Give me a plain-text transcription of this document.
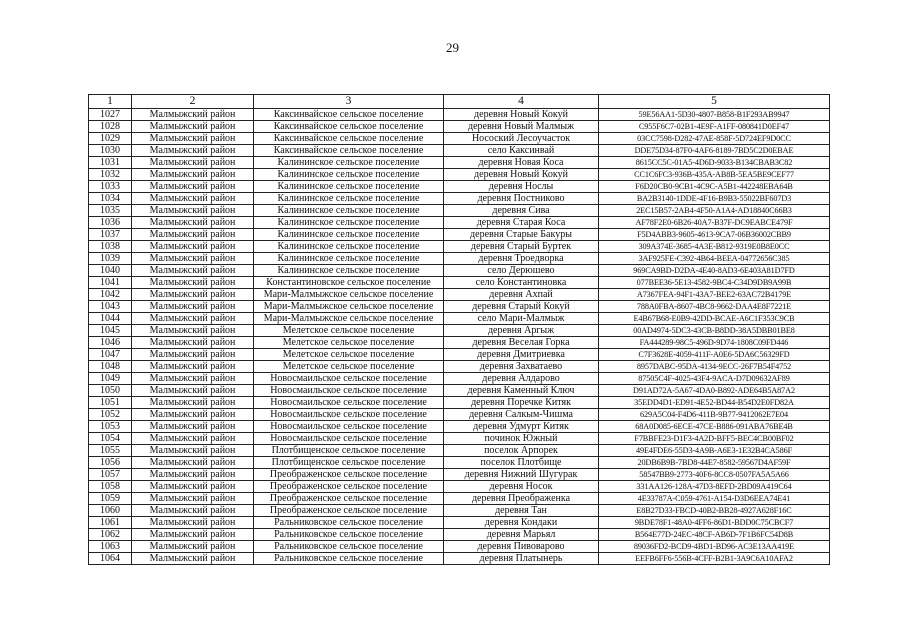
29
1	2	3	4	5
1027	Малмыжский район	Каксинвайское сельское поселение	деревня Новый Кокуй	59E56AA1-5D30-4807-B858-B1F293AB9947
1028	Малмыжский район	Каксинвайское сельское поселение	деревня Новый Малмыж	C955F6C7-02B1-4E9F-A1FF-080841D0EF47
1029	Малмыжский район	Каксинвайское сельское поселение	Носоский Лесоучасток	03CC7598-D282-47AE-858F-5D724EF9D0CC
1030	Малмыжский район	Каксинвайское сельское поселение	село Каксинвай	DDE75D34-87F0-4AF6-8189-7BD5C2D0EBAE
1031	Малмыжский район	Калининское сельское поселение	деревня Новая Коса	8615CC5C-01A5-4D6D-9033-B134CBAB3C82
1032	Малмыжский район	Калининское сельское поселение	деревня Новый Кокуй	CC1C6FC3-936B-435A-AB8B-5EA5BE9CEF77
1033	Малмыжский район	Калининское сельское поселение	деревня Ноcлы	F6D20CB0-9CB1-4C9C-A5B1-442248EBA64B
1034	Малмыжский район	Калининское сельское поселение	деревня Постниково	BA2B3140-1DDE-4F16-B9B3-55022BF607D3
1035	Малмыжский район	Калининское сельское поселение	деревня Сива	2EC15B57-2AB4-4F50-A1A4-AD18840C66B3
1036	Малмыжский район	Калининское сельское поселение	деревня Старая Коса	AF78F2E0-6B26-40A7-B37F-DC9EABCE479F
1037	Малмыжский район	Калининское сельское поселение	деревня Старые Бакуры	F5D4ABB3-9605-4613-9CA7-06B36002CBB9
1038	Малмыжский район	Калининское сельское поселение	деревня Старый Буртек	309A374E-3685-4A3E-B812-9319E0B8E0CC
1039	Малмыжский район	Калининское сельское поселение	деревня Троедворка	3AF925FE-C392-4B64-BEEA-04772656C385
1040	Малмыжский район	Калининское сельское поселение	село Дерюшево	969CA9BD-D2DA-4E40-8AD3-6E403A81D7FD
1041	Малмыжский район	Константиновское сельское поселение	село Константиновка	077BEE36-5E13-4582-9BC4-C34D9DB9A99B
1042	Малмыжский район	Мари-Малмыжское сельское поселение	деревня Ахпай	A7367FEA-94F1-43A7-BEE2-63AC72B4179E
1043	Малмыжский район	Мари-Малмыжское сельское поселение	деревня Старый Кокуй	788A0FBA-8607-4BC8-9662-DAA4E8F7221E
1044	Малмыжский район	Мари-Малмыжское сельское поселение	село Мари-Малмыж	E4B67B68-E0B9-42DD-BCAE-A6C1F353C9CB
1045	Малмыжский район	Мелетское сельское поселение	деревня Аргыж	00AD4974-5DC3-43CB-B8DD-38A5DBB01BE8
1046	Малмыжский район	Мелетское сельское поселение	деревня Веселая Горка	FA444289-98C5-496D-9D74-1808C09FD446
1047	Малмыжский район	Мелетское сельское поселение	деревня Дмитриевка	C7F3628E-4059-411F-A0E6-5DA6C56329FD
1048	Малмыжский район	Мелетское сельское поселение	деревня Захватаево	8957DABC-95DA-4134-9ECC-26F7B54F4752
1049	Малмыжский район	Новосмаильское сельское поселение	деревня Алдарово	87505C4F-4025-43F4-9ACA-D7D09632AF89
1050	Малмыжский район	Новосмаильское сельское поселение	деревня Каменный Ключ	D91AD72A-5A67-4DA0-B892-ADE64B5A87A2
1051	Малмыжский район	Новосмаильское сельское поселение	деревня Поречке Китяк	35EDD4D1-ED91-4E52-BD44-B54D2E0FD82A
1052	Малмыжский район	Новосмаильское сельское поселение	деревня Салкым-Чишма	629A5C04-F4D6-411B-9B77-9412062E7E04
1053	Малмыжский район	Новосмаильское сельское поселение	деревня Удмурт Китяк	68A0D085-6ECE-47CE-B886-091ABA76BE4B
1054	Малмыжский район	Новосмаильское сельское поселение	починок Южный	F7BBFE23-D1F3-4A2D-BFF5-BEC4CB00BF02
1055	Малмыжский район	Плотбищенское сельское поселение	поселок Арпорек	49E4FDE6-55D3-4A9B-A6E3-1E32B4CA586F
1056	Малмыжский район	Плотбищенское сельское поселение	поселок Плотбище	20DB6B9B-7BD8-44E7-8582-59567D4AF59F
1057	Малмыжский район	Преображенское сельское поселение	деревня Нижний Шугурак	58547BB9-2773-40F6-8CC8-0507FA5A5A66
1058	Малмыжский район	Преображенское сельское поселение	деревня Носок	331AA126-128A-47D3-8EFD-2BD09A419C64
1059	Малмыжский район	Преображенское сельское поселение	деревня Преображенка	4E33787A-C059-4761-A154-D3D6EEA74E41
1060	Малмыжский район	Преображенское сельское поселение	деревня Тан	E8B27D33-FBCD-40B2-BB28-4927A628F16C
1061	Малмыжский район	Ральниковское сельское поселение	деревня Кондаки	9BDE78F1-48A0-4FF6-86D1-BDD0C75CBCF7
1062	Малмыжский район	Ральниковское сельское поселение	деревня Марьял	B564E77D-24EC-48CF-AB6D-7F1B6FC54D8B
1063	Малмыжский район	Ральниковское сельское поселение	деревня Пивоварово	89036FD2-BCD9-4BD1-BD96-AC3E13AA419E
1064	Малмыжский район	Ральниковское сельское поселение	деревня Платынерь	EEFB6FF6-556B-4CFF-B2B1-3A9C6A10AFA2
